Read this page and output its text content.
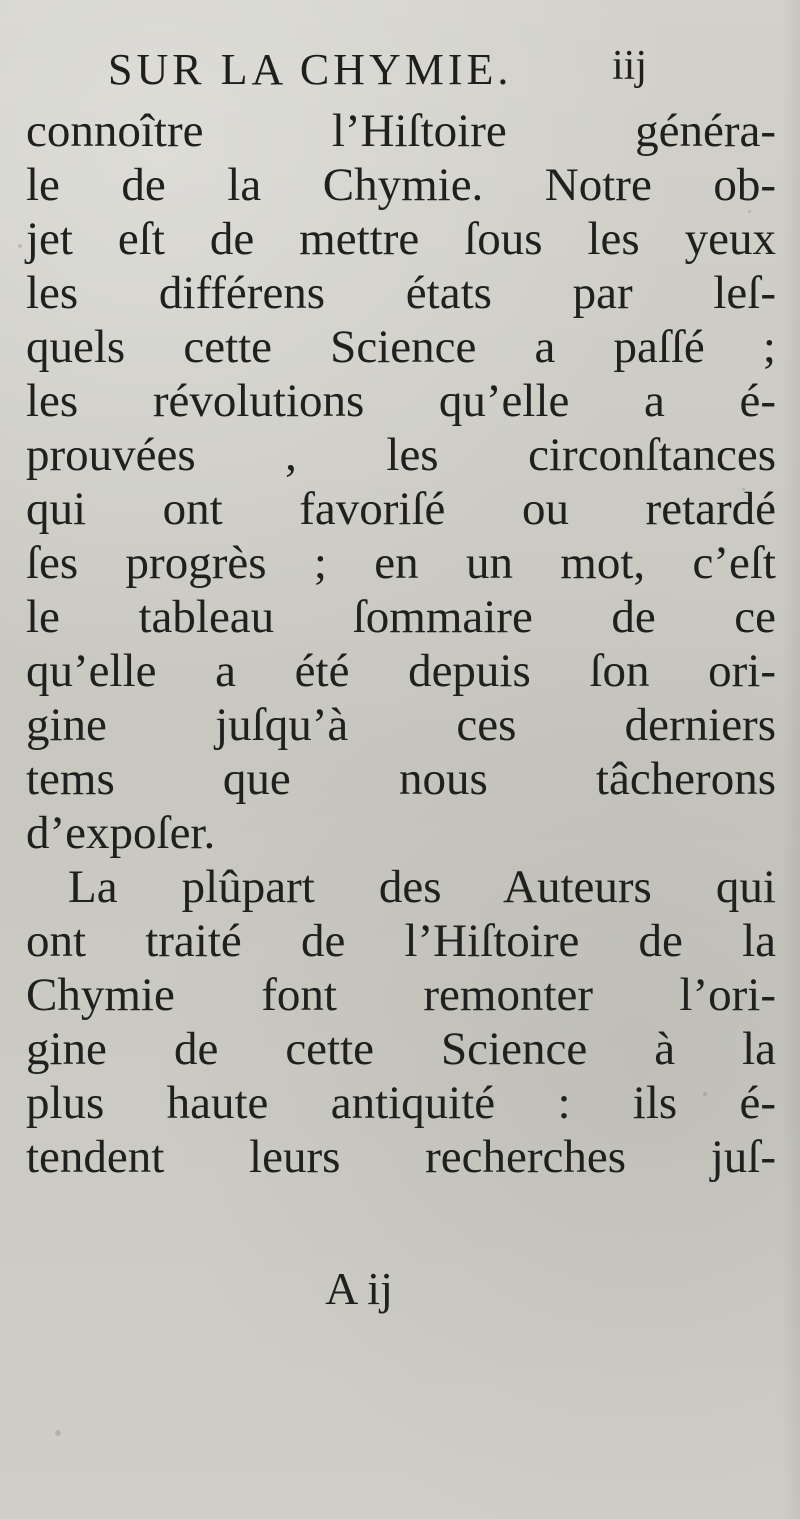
SUR LA CHYMIE. iij
connoître l’Hiſtoire généra-
le de la Chymie. Notre ob-
jet eſt de mettre ſous les yeux
les différens états par leſ-
quels cette Science a paſſé ;
les révolutions qu’elle a é-
prouvées , les circonſtances
qui ont favoriſé ou retardé
ſes progrès ; en un mot, c’eſt
le tableau ſommaire de ce
qu’elle a été depuis ſon ori-
gine juſqu’à ces derniers
tems que nous tâcherons
d’expoſer.
La plûpart des Auteurs qui
ont traité de l’Hiſtoire de la
Chymie font remonter l’ori-
gine de cette Science à la
plus haute antiquité : ils é-
tendent leurs recherches juſ-
A ij
